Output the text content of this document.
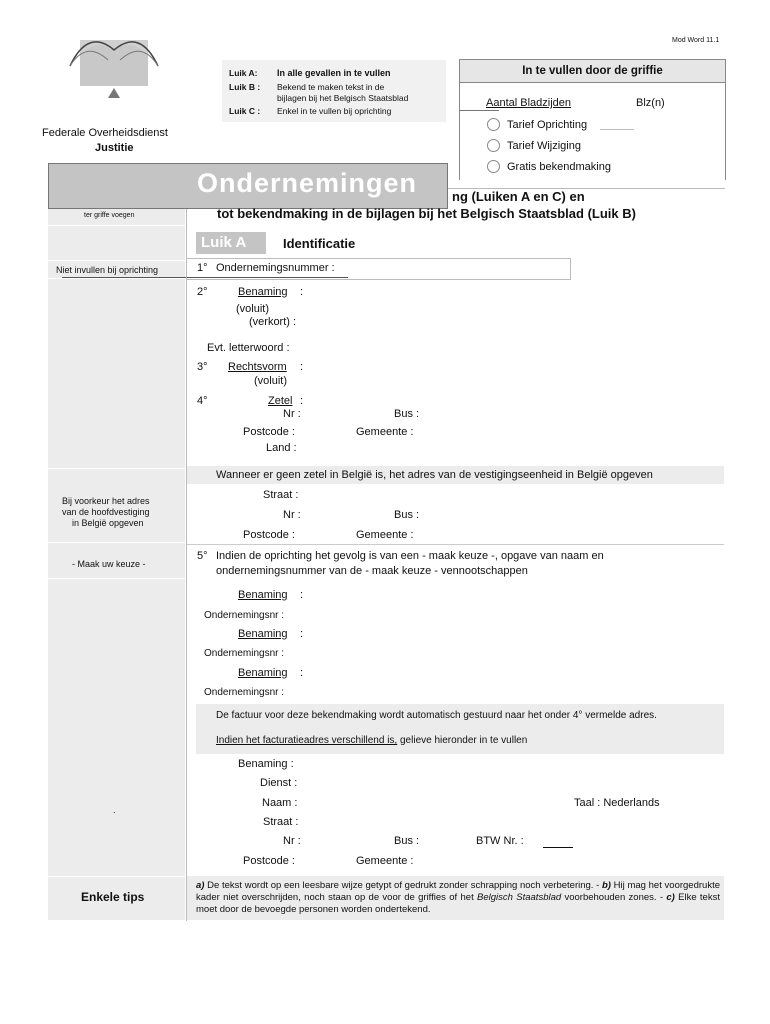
Mod Word 11.1
Federale Overheidsdienst
Justitie
Luik A: In alle gevallen in te vullen
Luik B : Bekend te maken tekst in de
bijlagen bij het Belgisch Staatsblad
Luik C : Enkel in te vullen bij oprichting
In te vullen door de griffie
Aantal Bladzijden	Blz(n)
Tarief Oprichting
Tarief Wijziging
Gratis bekendmaking
ter griffe voegen
Niet invullen bij oprichting
Bij voorkeur het adres
van de hoofdvestiging
in België opgeven
- Maak uw keuze -
.
Enkele tips
Ondernemingen	ng (Luiken A en C) en
tot bekendmaking in de bijlagen bij het Belgisch Staatsblad (Luik B)
Luik A	Identificatie
1° Ondernemingsnummer :
2°	Benaming :
(voluit)
(verkort) :
Evt. letterwoord :
3° Rechtsvorm :
(voluit)
4°	Zetel :
Nr :	Bus :
Postcode :	Gemeente :
Land :
Wanneer er geen zetel in België is, het adres van de vestigingseenheid in België opgeven
Straat :
Nr :	Bus :
Postcode :	Gemeente :
5° Indien de oprichting het gevolg is van een - maak keuze -, opgave van naam en
ondernemingsnummer van de - maak keuze - vennootschappen
Benaming :
Ondernemingsnr :
Benaming :
Ondernemingsnr :
Benaming :
Ondernemingsnr :
De factuur voor deze bekendmaking wordt automatisch gestuurd naar het onder 4° vermelde adres.
Indien het facturatieadres verschillend is, gelieve hieronder in te vullen
Benaming :
Dienst :
Naam :	Taal : Nederlands
Straat :
Nr :	Bus :	BTW Nr. :
Postcode :	Gemeente :
a) De tekst wordt op een leesbare wijze getypt of gedrukt zonder schrapping noch verbetering. - b) Hij mag het voorgedrukte kader niet overschrijden, noch staan op de voor de griffies of het Belgisch Staatsblad voorbehouden zones. - c) Elke tekst moet door de bevoegde personen worden ondertekend.
